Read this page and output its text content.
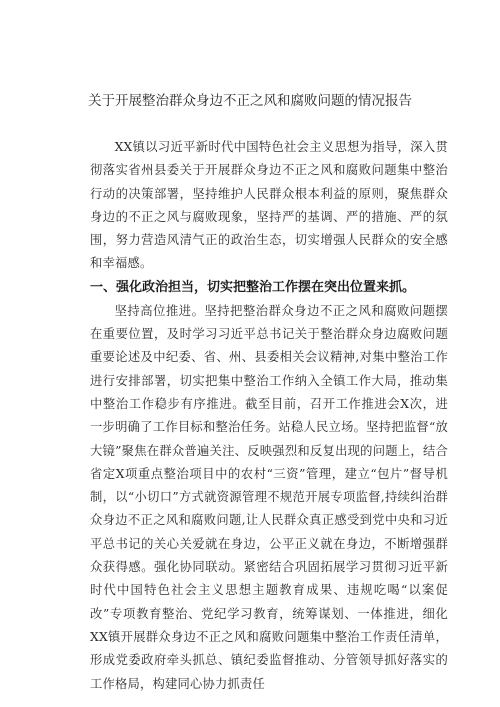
关于开展整治群众身边不正之风和腐败问题的情况报告

XX镇以习近平新时代中国特色社会主义思想为指导，深入贯彻落实省州县委关于开展群众身边不正之风和腐败问题集中整治行动的决策部署，坚持维护人民群众根本利益的原则，聚焦群众身边的不正之风与腐败现象，坚持严的基调、严的措施、严的氛围，努力营造风清气正的政治生态，切实增强人民群众的安全感和幸福感。

一、强化政治担当，切实把整治工作摆在突出位置来抓。

坚持高位推进。坚持把整治群众身边不正之风和腐败问题摆在重要位置，及时学习习近平总书记关于整治群众身边腐败问题重要论述及中纪委、省、州、县委相关会议精神,对集中整治工作进行安排部署，切实把集中整治工作纳入全镇工作大局，推动集中整治工作稳步有序推进。截至目前，召开工作推进会X次，进一步明确了工作目标和整治任务。站稳人民立场。坚持把监督“放大镜”聚焦在群众普遍关注、反映强烈和反复出现的问题上，结合省定X项重点整治项目中的农村“三资”管理，建立“包片”督导机制，以“小切口”方式就资源管理不规范开展专项监督,持续纠治群众身边不正之风和腐败问题,让人民群众真正感受到党中央和习近平总书记的关心关爱就在身边，公平正义就在身边，不断增强群众获得感。强化协同联动。紧密结合巩固拓展学习贯彻习近平新时代中国特色社会主义思想主题教育成果、违规吃喝“以案促改”专项教育整治、党纪学习教育，统筹谋划、一体推进，细化XX镇开展群众身边不正之风和腐败问题集中整治工作责任清单，形成党委政府牵头抓总、镇纪委监督推动、分管领导抓好落实的工作格局，构建同心协力抓责任
